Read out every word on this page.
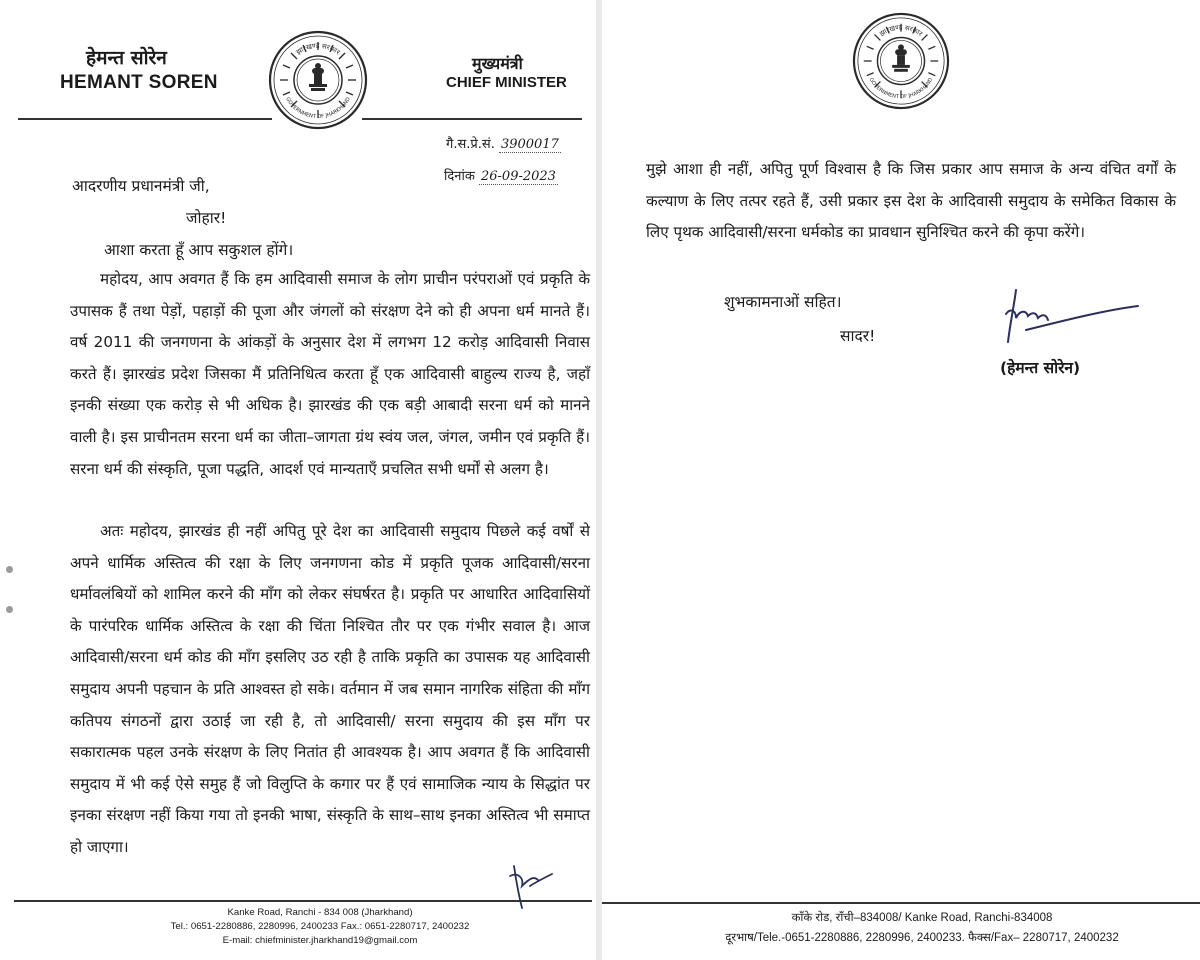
हेमन्त सोरेन
HEMANT SOREN
झारखण्ड सरकार
GOVERNMENT OF JHARKHAND
मुख्यमंत्री
CHIEF MINISTER
गै.स.प्रे.सं. 3900017
दिनांक 26-09-2023
आदरणीय प्रधानमंत्री जी,
जोहार!
आशा करता हूँ आप सकुशल होंगे।

महोदय, आप अवगत हैं कि हम आदिवासी समाज के लोग प्राचीन परंपराओं एवं प्रकृति के उपासक हैं तथा पेड़ों, पहाड़ों की पूजा और जंगलों को संरक्षण देने को ही अपना धर्म मानते हैं। वर्ष 2011 की जनगणना के आंकड़ों के अनुसार देश में लगभग 12 करोड़ आदिवासी निवास करते हैं। झारखंड प्रदेश जिसका मैं प्रतिनिधित्व करता हूँ एक आदिवासी बाहुल्य राज्य है, जहाँ इनकी संख्या एक करोड़ से भी अधिक है। झारखंड की एक बड़ी आबादी सरना धर्म को मानने वाली है। इस प्राचीनतम सरना धर्म का जीता–जागता ग्रंथ स्वंय जल, जंगल, जमीन एवं प्रकृति हैं। सरना धर्म की संस्कृति, पूजा पद्धति, आदर्श एवं मान्यताएँ प्रचलित सभी धर्मों से अलग है।

अतः महोदय, झारखंड ही नहीं अपितु पूरे देश का आदिवासी समुदाय पिछले कई वर्षों से अपने धार्मिक अस्तित्व की रक्षा के लिए जनगणना कोड में प्रकृति पूजक आदिवासी/सरना धर्मावलंबियों को शामिल करने की माँग को लेकर संघर्षरत है। प्रकृति पर आधारित आदिवासियों के पारंपरिक धार्मिक अस्तित्व के रक्षा की चिंता निश्चित तौर पर एक गंभीर सवाल है। आज आदिवासी/सरना धर्म कोड की माँग इसलिए उठ रही है ताकि प्रकृति का उपासक यह आदिवासी समुदाय अपनी पहचान के प्रति आश्वस्त हो सके। वर्तमान में जब समान नागरिक संहिता की माँग कतिपय संगठनों द्वारा उठाई जा रही है, तो आदिवासी/ सरना समुदाय की इस माँग पर सकारात्मक पहल उनके संरक्षण के लिए नितांत ही आवश्यक है। आप अवगत हैं कि आदिवासी समुदाय में भी कई ऐसे समुह हैं जो विलुप्ति के कगार पर हैं एवं सामाजिक न्याय के सिद्धांत पर इनका संरक्षण नहीं किया गया तो इनकी भाषा, संस्कृति के साथ–साथ इनका अस्तित्व भी समाप्त हो जाएगा।

Kanke Road, Ranchi - 834 008 (Jharkhand)
Tel.: 0651-2280886, 2280996, 2400233 Fax.: 0651-2280717, 2400232
E-mail: chiefminister.jharkhand19@gmail.com
झारखण्ड सरकार
GOVERNMENT OF JHARKHAND

मुझे आशा ही नहीं, अपितु पूर्ण विश्वास है कि जिस प्रकार आप समाज के अन्य वंचित वर्गों के कल्याण के लिए तत्पर रहते हैं, उसी प्रकार इस देश के आदिवासी समुदाय के समेकित विकास के लिए पृथक आदिवासी/सरना धर्मकोड का प्रावधान सुनिश्चित करने की कृपा करेंगे।

शुभकामनाओं सहित।
सादर!
(हेमन्त सोरेन)
काँके रोड, राँची–834008/ Kanke Road, Ranchi-834008
दूरभाष/Tele.-0651-2280886, 2280996, 2400233. फैक्स/Fax– 2280717, 2400232
